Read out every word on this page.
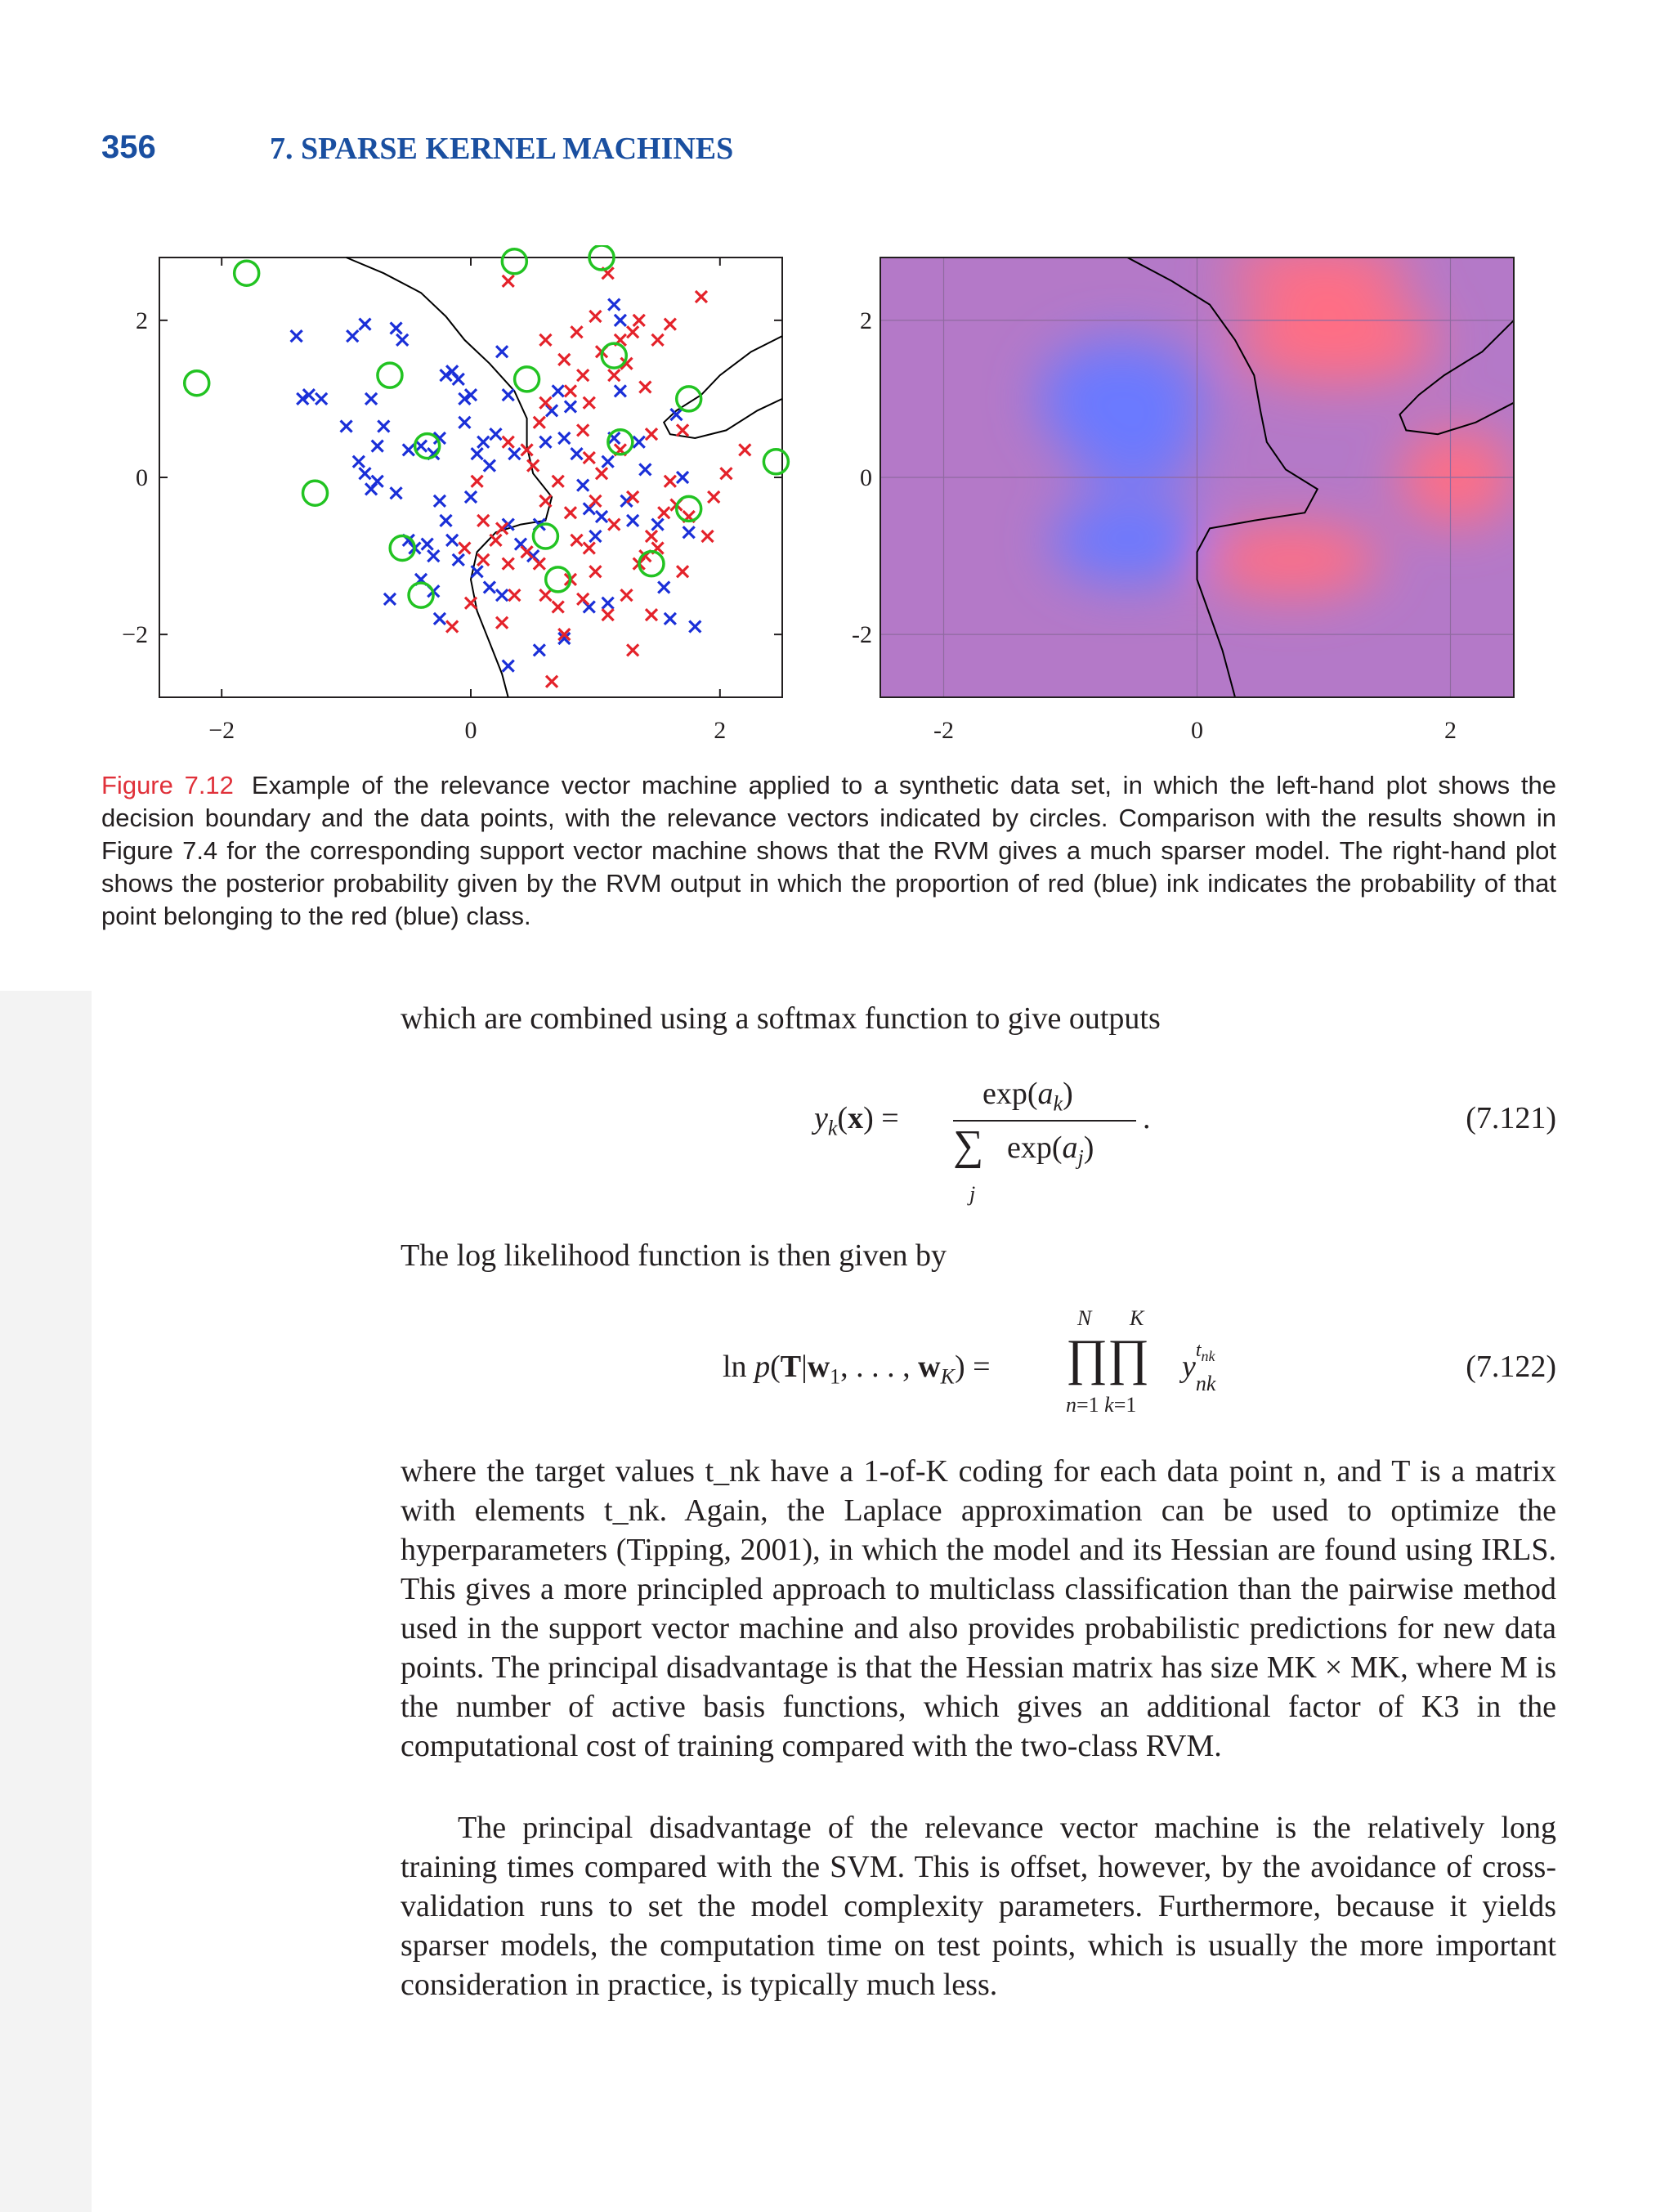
356	7. SPARSE KERNEL MACHINES
−2	0	2
−2
0
2
-2	0	2
2
0
-2
Figure 7.12 Example of the relevance vector machine applied to a synthetic data set, in which the left-hand plot shows the decision boundary and the data points, with the relevance vectors indicated by circles. Comparison with the results shown in Figure 7.4 for the corresponding support vector machine shows that the RVM gives a much sparser model. The right-hand plot shows the posterior probability given by the RVM output in which the proportion of red (blue) ink indicates the probability of that point belonging to the red (blue) class.
which are combined using a softmax function to give outputs
$y_k(x)$ =
$\exp(a_k)$
∑ $\exp(a_j)$
j
.	(7.121)
The log likelihood function is then given by
$\ln p(T|w_1$, . . . , $w_K$) =
N K
∏∏ y $t_{nk}$
$_{nk}$
n=1 k=1
(7.122)
where the target values t_nk have a 1-of-K coding for each data point n, and T is a matrix with elements t_nk. Again, the Laplace approximation can be used to optimize the hyperparameters (Tipping, 2001), in which the model and its Hessian are found using IRLS. This gives a more principled approach to multiclass classification than the pairwise method used in the support vector machine and also provides probabilistic predictions for new data points. The principal disadvantage is that the Hessian matrix has size MK × MK, where M is the number of active basis functions, which gives an additional factor of K3 in the computational cost of training compared with the two-class RVM.
The principal disadvantage of the relevance vector machine is the relatively long training times compared with the SVM. This is offset, however, by the avoidance of cross-validation runs to set the model complexity parameters. Furthermore, because it yields sparser models, the computation time on test points, which is usually the more important consideration in practice, is typically much less.
